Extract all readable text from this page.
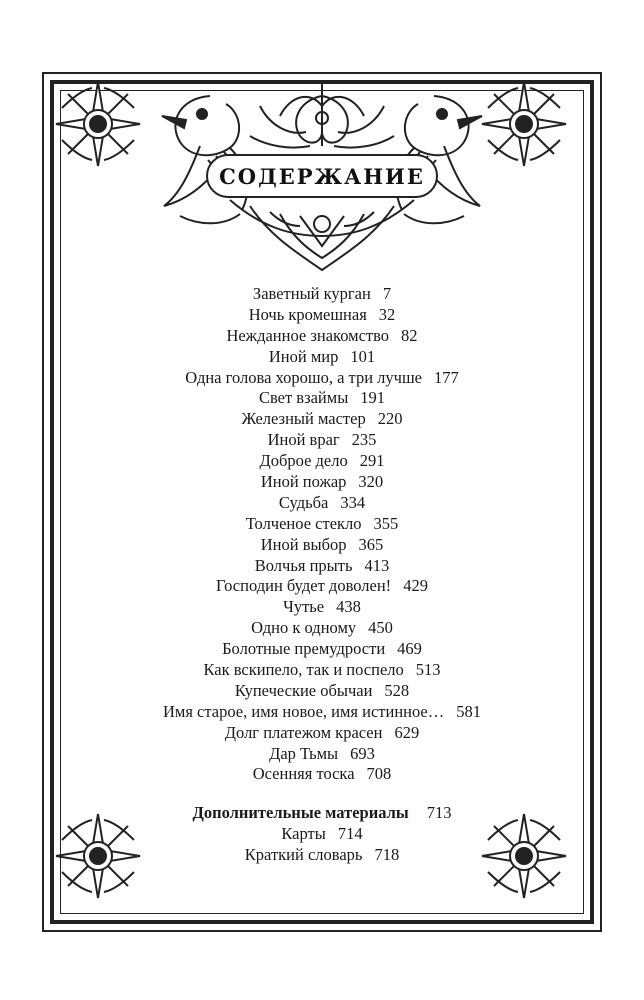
СОДЕРЖАНИЕ
Заветный курган 7
Ночь кромешная 32
Нежданное знакомство 82
Иной мир 101
Одна голова хорошо, а три лучше 177
Свет взаймы 191
Железный мастер 220
Иной враг 235
Доброе дело 291
Иной пожар 320
Судьба 334
Толченое стекло 355
Иной выбор 365
Волчья прыть 413
Господин будет доволен! 429
Чутье 438
Одно к одному 450
Болотные премудрости 469
Как вскипело, так и поспело 513
Купеческие обычаи 528
Имя старое, имя новое, имя истинное… 581
Долг платежом красен 629
Дар Тьмы 693
Осенняя тоска 708
Дополнительные материалы 713
Карты 714
Краткий словарь 718
